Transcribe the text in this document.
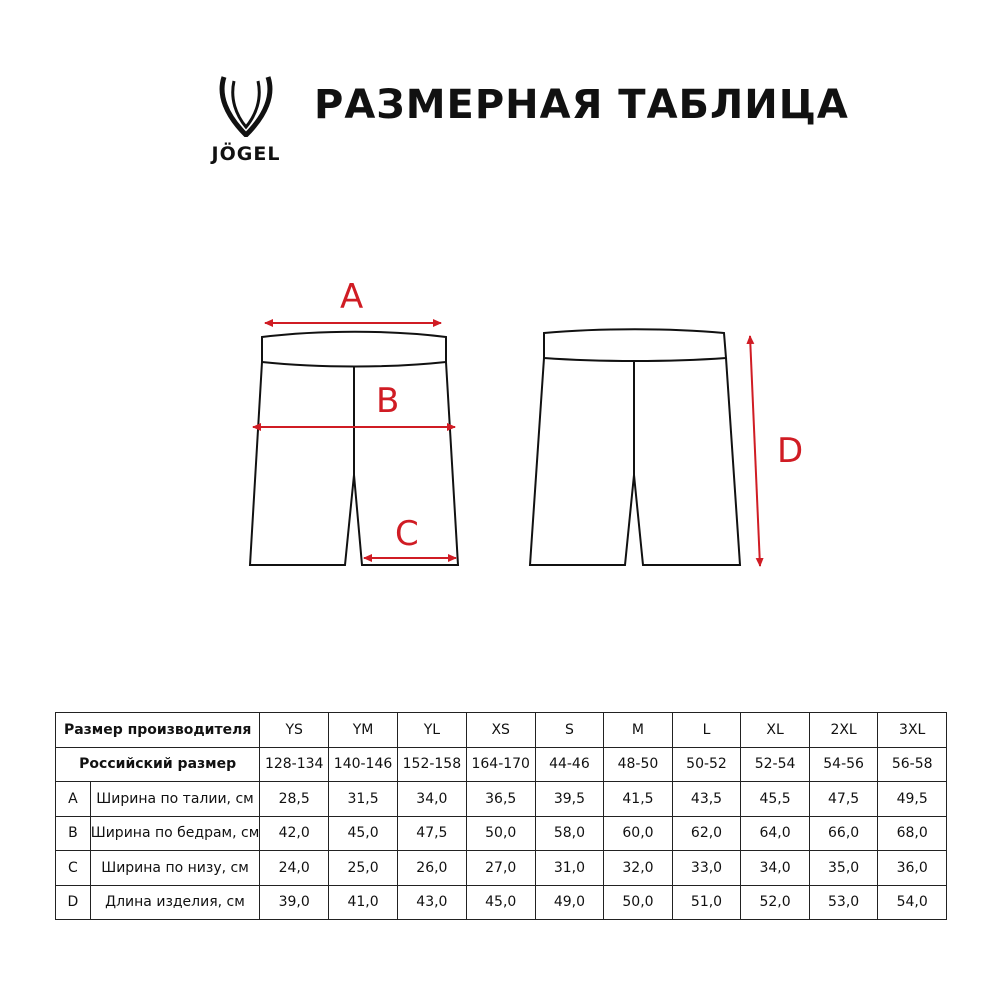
JÖGEL
РАЗМЕРНАЯ ТАБЛИЦА
A
B
C
D
Размер производителя		YS	YM	YL	XS	S	M	L	XL	2XL	3XL
Российский размер		128-134	140-146	152-158	164-170	44-46	48-50	50-52	52-54	54-56	56-58
A	Ширина по талии, см	28,5	31,5	34,0	36,5	39,5	41,5	43,5	45,5	47,5	49,5
B	Ширина по бедрам, см	42,0	45,0	47,5	50,0	58,0	60,0	62,0	64,0	66,0	68,0
C	Ширина по низу, см	24,0	25,0	26,0	27,0	31,0	32,0	33,0	34,0	35,0	36,0
D	Длина изделия, см	39,0	41,0	43,0	45,0	49,0	50,0	51,0	52,0	53,0	54,0
